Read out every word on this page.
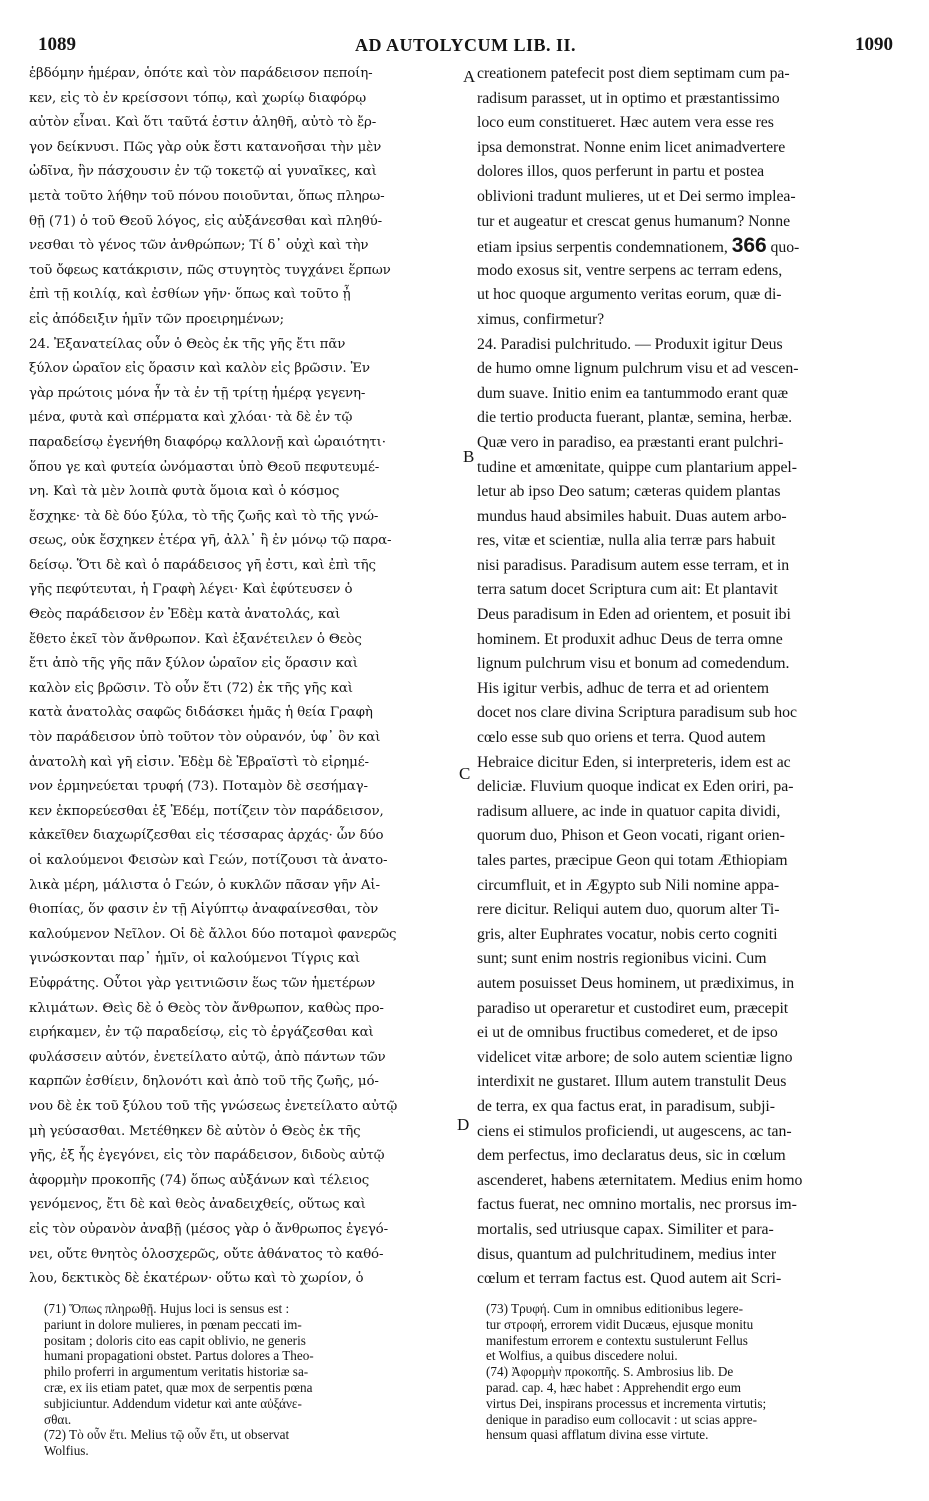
1089	AD AUTOLYCUM LIB. II.	1090
ἑβδόμην ἡμέραν, ὁπότε καὶ τὸν παράδεισον πεποίη-
κεν, εἰς τὸ ἐν κρείσσονι τόπῳ, καὶ χωρίῳ διαφόρῳ
αὐτὸν εἶναι. Καὶ ὅτι ταῦτά ἐστιν ἀληθῆ, αὐτὸ τὸ ἔρ-
γον δείκνυσι. Πῶς γὰρ οὐκ ἔστι κατανοῆσαι τὴν μὲν
ὠδῖνα, ἣν πάσχουσιν ἐν τῷ τοκετῷ αἱ γυναῖκες, καὶ
μετὰ τοῦτο λήθην τοῦ πόνου ποιοῦνται, ὅπως πληρω-
θῇ (71) ὁ τοῦ Θεοῦ λόγος, εἰς αὐξάνεσθαι καὶ πληθύ-
νεσθαι τὸ γένος τῶν ἀνθρώπων; Τί δ᾽ οὐχὶ καὶ τὴν
τοῦ ὄφεως κατάκρισιν, πῶς στυγητὸς τυγχάνει ἕρπων
ἐπὶ τῇ κοιλίᾳ, καὶ ἐσθίων γῆν· ὅπως καὶ τοῦτο ᾖ
εἰς ἀπόδειξιν ἡμῖν τῶν προειρημένων;
24. Ἐξανατείλας οὖν ὁ Θεὸς ἐκ τῆς γῆς ἔτι πᾶν
ξύλον ὡραῖον εἰς ὅρασιν καὶ καλὸν εἰς βρῶσιν. Ἐν
γὰρ πρώτοις μόνα ἦν τὰ ἐν τῇ τρίτῃ ἡμέρᾳ γεγενη-
μένα, φυτὰ καὶ σπέρματα καὶ χλόαι· τὰ δὲ ἐν τῷ
παραδείσῳ ἐγενήθη διαφόρῳ καλλονῇ καὶ ὡραιότητι·
ὅπου γε καὶ φυτεία ὠνόμασται ὑπὸ Θεοῦ πεφυτευμέ-
νη. Καὶ τὰ μὲν λοιπὰ φυτὰ ὅμοια καὶ ὁ κόσμος
ἔσχηκε· τὰ δὲ δύο ξύλα, τὸ τῆς ζωῆς καὶ τὸ τῆς γνώ-
σεως, οὐκ ἔσχηκεν ἑτέρα γῆ, ἀλλ᾽ ἢ ἐν μόνῳ τῷ παρα-
δείσῳ. Ὅτι δὲ καὶ ὁ παράδεισος γῆ ἐστι, καὶ ἐπὶ τῆς
γῆς πεφύτευται, ἡ Γραφὴ λέγει· Καὶ ἐφύτευσεν ὁ
Θεὸς παράδεισον ἐν Ἐδὲμ κατὰ ἀνατολάς, καὶ
ἔθετο ἐκεῖ τὸν ἄνθρωπον. Καὶ ἐξανέτειλεν ὁ Θεὸς
ἔτι ἀπὸ τῆς γῆς πᾶν ξύλον ὡραῖον εἰς ὅρασιν καὶ
καλὸν εἰς βρῶσιν. Τὸ οὖν ἔτι (72) ἐκ τῆς γῆς καὶ
κατὰ ἀνατολὰς σαφῶς διδάσκει ἡμᾶς ἡ θεία Γραφὴ
τὸν παράδεισον ὑπὸ τοῦτον τὸν οὐρανόν, ὑφ᾽ ὃν καὶ
ἀνατολὴ καὶ γῆ εἰσιν. Ἐδὲμ δὲ Ἑβραϊστὶ τὸ εἰρημέ-
νον ἑρμηνεύεται τρυφή (73). Ποταμὸν δὲ σεσήμαγ-
κεν ἐκπορεύεσθαι ἐξ Ἐδέμ, ποτίζειν τὸν παράδεισον,
κἀκεῖθεν διαχωρίζεσθαι εἰς τέσσαρας ἀρχάς· ὧν δύο
οἱ καλούμενοι Φεισὼν καὶ Γεών, ποτίζουσι τὰ ἀνατο-
λικὰ μέρη, μάλιστα ὁ Γεών, ὁ κυκλῶν πᾶσαν γῆν Αἰ-
θιοπίας, ὅν φασιν ἐν τῇ Αἰγύπτῳ ἀναφαίνεσθαι, τὸν
καλούμενον Νεῖλον. Οἱ δὲ ἄλλοι δύο ποταμοὶ φανερῶς
γινώσκονται παρ᾽ ἡμῖν, οἱ καλούμενοι Τίγρις καὶ
Εὐφράτης. Οὗτοι γὰρ γειτνιῶσιν ἕως τῶν ἡμετέρων
κλιμάτων. Θεὶς δὲ ὁ Θεὸς τὸν ἄνθρωπον, καθὼς προ-
ειρήκαμεν, ἐν τῷ παραδείσῳ, εἰς τὸ ἐργάζεσθαι καὶ
φυλάσσειν αὐτόν, ἐνετείλατο αὐτῷ, ἀπὸ πάντων τῶν
καρπῶν ἐσθίειν, δηλονότι καὶ ἀπὸ τοῦ τῆς ζωῆς, μό-
νου δὲ ἐκ τοῦ ξύλου τοῦ τῆς γνώσεως ἐνετείλατο αὐτῷ
μὴ γεύσασθαι. Μετέθηκεν δὲ αὐτὸν ὁ Θεὸς ἐκ τῆς
γῆς, ἐξ ἧς ἐγεγόνει, εἰς τὸν παράδεισον, διδοὺς αὐτῷ
ἀφορμὴν προκοπῆς (74) ὅπως αὐξάνων καὶ τέλειος
γενόμενος, ἔτι δὲ καὶ θεὸς ἀναδειχθείς, οὕτως καὶ
εἰς τὸν οὐρανὸν ἀναβῇ (μέσος γὰρ ὁ ἄνθρωπος ἐγεγό-
νει, οὔτε θνητὸς ὁλοσχερῶς, οὔτε ἀθάνατος τὸ καθό-
λου, δεκτικὸς δὲ ἑκατέρων· οὕτω καὶ τὸ χωρίον, ὁ
creationem patefecit post diem septimam cum pa-
radisum parasset, ut in optimo et præstantissimo
loco eum constitueret. Hæc autem vera esse res
ipsa demonstrat. Nonne enim licet animadvertere
dolores illos, quos perferunt in partu et postea
oblivioni tradunt mulieres, ut et Dei sermo impleа-
tur et augeatur et crescat genus humanum? Nonne
etiam ipsius serpentis condemnationem, 366 quo-
modo exosus sit, ventre serpens ac terram edens,
ut hoc quoque argumento veritas eorum, quæ di-
ximus, confirmetur?
24. Paradisi pulchritudo. — Produxit igitur Deus
de humo omne lignum pulchrum visu et ad vescen-
dum suave. Initio enim ea tantummodo erant quæ
die tertio producta fuerant, plantæ, semina, herbæ.
Quæ vero in paradiso, ea præstanti erant pulchri-
tudine et amœnitate, quippe cum plantarium appel-
letur ab ipso Deo satum; cæteras quidem plantas
mundus haud absimiles habuit. Duas autem arbo-
res, vitæ et scientiæ, nulla alia terræ pars habuit
nisi paradisus. Paradisum autem esse terram, et in
terra satum docet Scriptura cum ait: Et plantavit
Deus paradisum in Eden ad orientem, et posuit ibi
hominem. Et produxit adhuc Deus de terra omne
lignum pulchrum visu et bonum ad comedendum.
His igitur verbis, adhuc de terra et ad orientem
docet nos clare divina Scriptura paradisum sub hoc
cœlo esse sub quo oriens et terra. Quod autem
Hebraice dicitur Eden, si interpreteris, idem est ac
deliciæ. Fluvium quoque indicat ex Eden oriri, pa-
radisum alluere, ac inde in quatuor capita dividi,
quorum duo, Phison et Geon vocati, rigant orien-
tales partes, præcipue Geon qui totam Æthiopiam
circumfluit, et in Ægypto sub Nili nomine appa-
rere dicitur. Reliqui autem duo, quorum alter Ti-
gris, alter Euphrates vocatur, nobis certo cogniti
sunt; sunt enim nostris regionibus vicini. Cum
autem posuisset Deus hominem, ut prædiximus, in
paradiso ut operaretur et custodiret eum, præcepit
ei ut de omnibus fructibus comederet, et de ipso
videlicet vitæ arbore; de solo autem scientiæ ligno
interdixit ne gustaret. Illum autem transtulit Deus
de terra, ex qua factus erat, in paradisum, subji-
ciens ei stimulos proficiendi, ut augescens, ac tan-
dem perfectus, imo declaratus deus, sic in cœlum
ascenderet, habens æternitatem. Medius enim homo
factus fuerat, nec omnino mortalis, nec prorsus im-
mortalis, sed utriusque capax. Similiter et para-
disus, quantum ad pulchritudinem, medius inter
cœlum et terram factus est. Quod autem ait Scri-
A
B
C
D
(71) Ὅπως πληρωθῇ. Hujus loci is sensus est :
pariunt in dolore mulieres, in pœnam peccati im-
positam ; doloris cito eas capit oblivio, ne generis
humani propagationi obstet. Partus dolores a Theo-
philo proferri in argumentum veritatis historiæ sa-
cræ, ex iis etiam patet, quæ mox de serpentis pœna
subjiciuntur. Addendum videtur καὶ ante αὐξάνε-
σθαι.
(72) Τὸ οὖν ἔτι. Melius τῷ οὖν ἔτι, ut observat
Wolfius.
(73) Τρυφή. Cum in omnibus editionibus legere-
tur στροφή, errorem vidit Ducæus, ejusque monitu
manifestum errorem e contextu sustulerunt Fellus
et Wolfius, a quibus discedere nolui.
(74) Ἀφορμὴν προκοπῆς. S. Ambrosius lib. De
parad. cap. 4, hæc habet : Apprehendit ergo eum
virtus Dei, inspirans processus et incrementa virtutis;
denique in paradiso eum collocavit : ut scias appre-
hensum quasi afflatum divina esse virtute.
